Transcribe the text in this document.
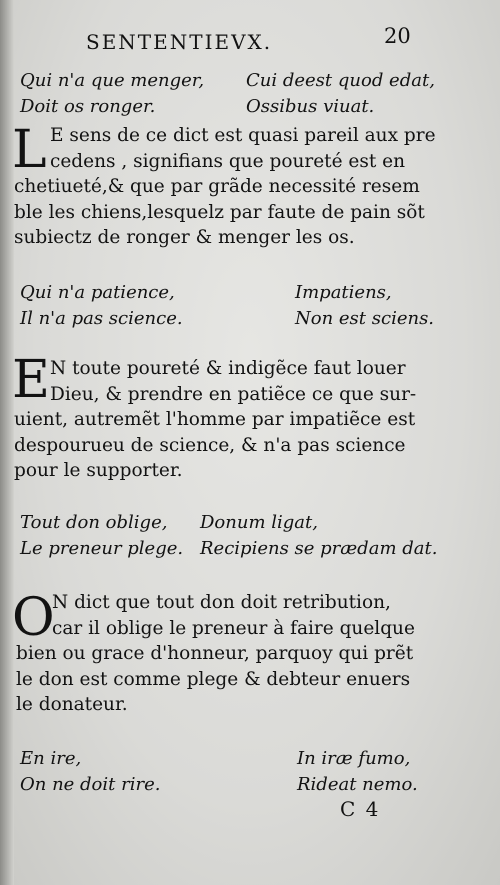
SENTENTIEVX.	20
Qui n'a que menger,
Doit os ronger.
Cui deest quod edat,
Ossibus viuat.
L E sens de ce dict est quasi pareil aux pre
cedens , signifians que poureté est en
chetiueté,& que par grãde necessité resem
ble les chiens,lesquelz par faute de pain sõt
subiectz de ronger & menger les os.
Qui n'a patience,
Il n'a pas science.
Impatiens,
Non est sciens.
E N toute poureté & indigẽce faut louer
Dieu, & prendre en patiẽce ce que sur-
uient, autremẽt l'homme par impatiẽce est
despourueu de science, & n'a pas science
pour le supporter.
Tout don oblige,
Le preneur plege.
Donum ligat,
Recipiens se prædam dat.
O
N dict que tout don doit retribution,
car il oblige le preneur à faire quelque
bien ou grace d'honneur, parquoy qui prẽt
le don est comme plege & debteur enuers
le donateur.
En ire,
On ne doit rire.
In iræ fumo,
Rideat nemo.
C 4
